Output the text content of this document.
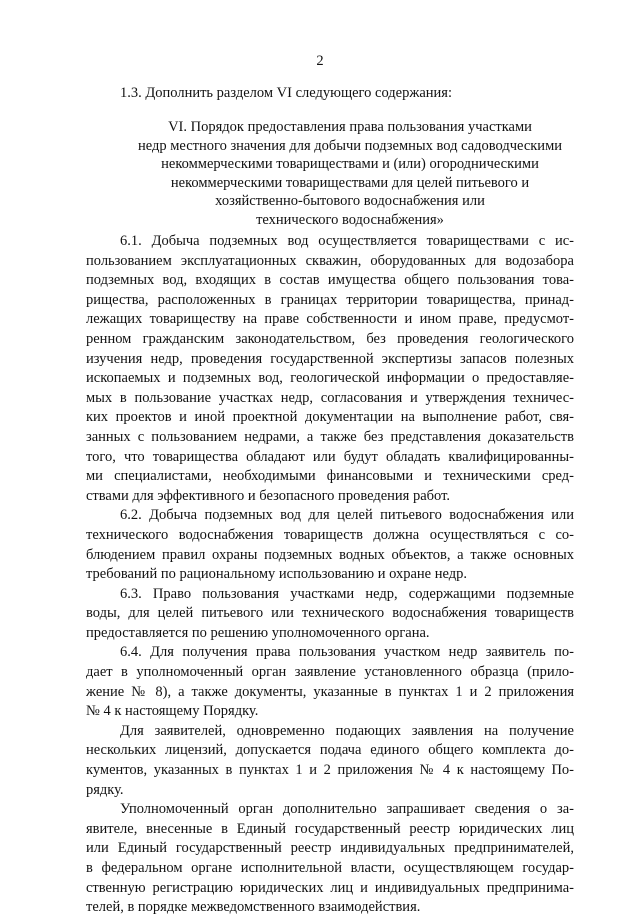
2
1.3. Дополнить разделом VI следующего содержания:
VI. Порядок предоставления права пользования участками
недр местного значения для добычи подземных вод садоводческими
некоммерческими товариществами и (или) огородническими
некоммерческими товариществами для целей питьевого и
хозяйственно-бытового водоснабжения или
технического водоснабжения»

6.1. Добыча подземных вод осуществляется товариществами с ис-
пользованием эксплуатационных скважин, оборудованных для водозабора
подземных вод, входящих в состав имущества общего пользования това-
рищества, расположенных в границах территории товарищества, принад-
лежащих товариществу на праве собственности и ином праве, предусмот-
ренном гражданским законодательством, без проведения геологического
изучения недр, проведения государственной экспертизы запасов полезных
ископаемых и подземных вод, геологической информации о предоставляе-
мых в пользование участках недр, согласования и утверждения техничес-
ких проектов и иной проектной документации на выполнение работ, свя-
занных с пользованием недрами, а также без представления доказательств
того, что товарищества обладают или будут обладать квалифицированны-
ми специалистами, необходимыми финансовыми и техническими сред-
ствами для эффективного и безопасного проведения работ.

6.2. Добыча подземных вод для целей питьевого водоснабжения или
технического водоснабжения товариществ должна осуществляться с со-
блюдением правил охраны подземных водных объектов, а также основных
требований по рациональному использованию и охране недр.

6.3. Право пользования участками недр, содержащими подземные
воды, для целей питьевого или технического водоснабжения товариществ
предоставляется по решению уполномоченного органа.

6.4. Для получения права пользования участком недр заявитель по-
дает в уполномоченный орган заявление установленного образца (прило-
жение № 8), а также документы, указанные в пунктах 1 и 2 приложения
№ 4 к настоящему Порядку.

Для заявителей, одновременно подающих заявления на получение
нескольких лицензий, допускается подача единого общего комплекта до-
кументов, указанных в пунктах 1 и 2 приложения № 4 к настоящему По-
рядку.

Уполномоченный орган дополнительно запрашивает сведения о за-
явителе, внесенные в Единый государственный реестр юридических лиц
или Единый государственный реестр индивидуальных предпринимателей,
в федеральном органе исполнительной власти, осуществляющем государ-
ственную регистрацию юридических лиц и индивидуальных предпринима-
телей, в порядке межведомственного взаимодействия.
